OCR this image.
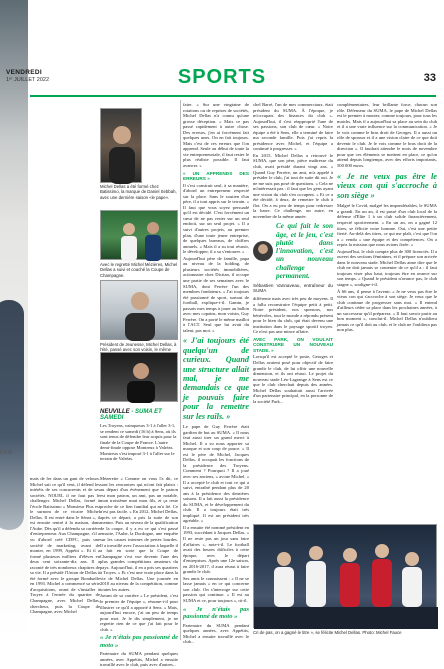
Emb
VENDREDI
1ᵉʳ JUILLET 2022	SPORTS	33
Michel Dellas a été formé chez Batissimo, la marque de Daniel Sebbah, avec une dernière saison «le pape».
Avec le regretté Michel Mézières, Michel Dellas a suivi et coaché la Coupe de Champagne.
Président de Jeunesse, Michel Dellas, à l'été, passé avec son voisin, le même
NEUVILLE - SUMA ET SAMEDI
Les Troyens, vainqueurs 3-1 à l'aller 3-1, se rendent ce samedi (16 h) à Sens, où ils sont tenus de défendre leur acquis pour la finale de la Coupe de France. L'autre demi-finale oppose Montreux à Valréas. Montreux s'est imposé 3-1 à l'aller sur le terrain de Valréas.

mais de fer dans un gant de velours. Michel sait ce qu'il veut, il défend les intérêts de ses concurrents et de ses sociétés. NOUEL il ne faut pas le challenger. Michel Dellas, formé à l'école Batissimo « Monsieur Plus est le surnom de ce vicaire Michel Dellas. Il est entré dans le Sénat », il est ensuite rentré à la maison, dans l'Aube. Dès qu'il a défendu sa carrière d'entrepreneur. Aux Champagne, s'il a vu d'abord créé CDFC, puis une société de marketing, avant de monter, en 1999, Appétit ». Et il a formé plusieurs milliers d'élèves en deux cent soixante-dix ans. Il a raconté de très nombreux chapitres de sa vie. Il a présidé l'Union de Dellas à été formé avec le groupe Bonduelle en 1993. Michel a commencé sa série d'acquisitions, avant de s'installer à Troyes à l'entrée du quartier de Champagne, avec Michel Dellas, chercheur, puis la Coupe de Champagne, avec Michel

Mézerette « Comme on vous l'a dit, ce sont les rencontres qui m'ont fait plaisir : au départ d'un événement que le patron est mon patron, un ami, pas un notable, mon troisième mari mon fils, et ça reste proche de ce lien familial qui m'a lié. Ce n'est pas facile. » En 2012, Michel Dellas, après ce départ, a pris la suite de son mentor. Puis au niveau de la qualification de la coupe, il y a eu ce qui s'est passé ensuite, l'Aube, la Dordogne, une enquête sur les causes internes de pertes lourdes. Il a travaillé avec l'association à laquelle il a fait en sorte que la Coupe de Champagne s'est vue devenir l'une des plus grandes compétitions amateurs du pays. Aujourd'hui, il en a pris ses quartiers à Troyes. » Et c'est une vraie place dans la vie de Michel Dellas. Une journée en 2010 au niveau de la compétition, comme toutes les autres.

Javant de sa carrière « Le président, c'est le premier de l'équipe », résume-t-il pour illustrer ce qu'il a apporté à Sens. « Mais, aujourd'hui encore, j'ai un peu de temps pour moi. Je le dis simplement, je ne regrette rien de ce que j'ai fait pour le club. »

« Je n'étais pas passionné de moto »

Partenaire du SUMA pendant quelques années, avec Appétits, Michel a ensuite travaillé avec le club, puis avec d'autres...

faire. » Sur une vingtaine de rotations ou de reprises de sociétés, Michel Dellas n'a connu qu'une grosse déception. « Mais ce pas passé rapidement à autre chose. Des erreurs, j'en ai forcément fait quelques unes. On en fait toujours. Mais c'est de ces erreurs que l'on apprend. Seule au début de toute la vie entrepreneuriale, il faut rester le plus réaliste possible. Il faut avancer. »

« UN APPRENDS DES ERREURS »

Il s'est construit seul, à sa manière, d'abord un entrepreneur respecté sur la place. Sans le soutien d'un père, il a tout appris sur le terrain. « Il faut que vous soyez persuadé qu'il est décidé. C'est forcément un cœur de ne pas rester sur un seul endroit, sur un seul projet. » Il a suivi d'autres projets, au premier plan, d'une toute jeune entreprise, de quelques bureaux, de chiffres annuels. « Mais il a su tout réussir, le développer, il a su s'entourer. »

Aujourd'hui père de famille, papa au niveau de la holding, de plusieurs sociétés immobilières, actionnaire chez Dicitan, il occupe une partie de ses semaines avec le SUMA, dont Ferrère l'un des membres fondateurs. « J'ai toujours été passionné de sport, surtout de football, explique-t-il. Gamin, je passais mes temps à jouer au ballon avec mes copains, mon voisin, Guy Ferrère. On a porté le même maillot à l'ACT. Seul que lui avait du talent, pas moi. »

« J'ai toujours été quelqu'un de curieux. Quand une structure allait mal, je me demandais ce que je pouvais faire pour la remettre sur les rails. »

Le pape de Guy Ferrère était gardien de but au SUMA. « Il nous faut aussi tirer un grand merci à Michel. Il a su nous apporter sa marque et son coup de pouce. » Il est le père de Michel, Jacques Dellas, il occupait les fonctions de la présidence des Troyens. Comment ? Pourquoi ? Il a joué avec ses anciens, » avoue Michel. « Il a accepté le club et tout ce qui a suivi, entraîné pendant plus de 20 ans à la présidence des dernières saisons. Il a fait aussi la présidence du SUMA, et le développement du club. Il a toujours était très impliqué. Il est un président très agréable. »

Il a ensuite été nommé président en 1993, succédant à Jacques Dellas. « Il ne reste pas un jour sans faire d'affaires », note-t-il. Le football avait des heures difficiles à cette époque, avec le départ d'entreprises. Après une 12e saison, en 2016-2017, il aura réussi à faire grandir le club.

Ses amis le connaissent : « Il ne se lasse jamais » en ce qui concerne son club. On s'interroge sur cette passion qui continue. « Il est au SUMA et ce, pour toujours », rit-il.

« Je n'étais pas passionné de moto »

Partenaire du SUMA pendant quelques années, avec Appétits, Michel a ensuite travaillé avec le club...

chel Barré, l'un de mes commerciaux, était président du SUMA. À l'époque, je m'occupais des finances du club ». Aujourd'hui, il s'est réapproprié l'une de ses passions, son club de cœur. « Notre équipe a été à Sens, elle a terminé de faire ma seconde famille. Puis j'ai repris la présidence avec Michel, et l'équipe a continué à progresser. »

En 2015, Michel Dellas a retrouvé le SUMA, que son père, pièce maîtresse du club, avait présidé durant vingt ans. « Quand Guy Ferrère, un ami, m'a appelé à présider le club, j'ai tout de suite dit oui. Je ne me suis pas posé de questions. » Cela ne m'intéressait pas : il faut que les gens ayant une vision du club s'en occupent. » Et ce a été décidé, à deux, de remettre le club à flot. On a eu peu de temps pour redresser la barre. Ce challenge, un autre, en novembre de la même année.

Ce qui fait le son âge, et le jeu, c'est plutôt dans l'innovation, c'est un nouveau challenge permanent.
Sébastien Vannaveau, entraîneur du SUMA

différente mais avec très peu de moyens. Il a fallu reconstruire l'équipe petit à petit. Notre président, nos sponsors, nos bénévoles, tout le monde a répondu présent pour le bien du club, qui était devenu une institution dans le paysage sportif troyen. Ce n'est pas une mince affaire.

AVEC PARK, ON VOULAIT CONSTRUIRE UN NOUVEAU STADE. »

Lorsqu'il est accepté le poste, Georges et Dellas avaient posé pour objectif de faire grandir le club, de lui offrir une nouvelle dimension, et ils ont réussi. Le projet du nouveau stade Léo-Lagrange à Sens est ce que le club cherchait depuis des années. Michel Dellas souhaitait aussi l'arrivée d'un partenaire principal, en la personne de la société Park...

complémentaires, leur brillante force, chacun son rôle. Défenseur du SUMA, le pape de Michel Dellas est le premier à monter, comme toujours, pour tous les matchs. Mais il a aujourd'hui sa place au sein du club et il a une vraie influence sur la communication. « Je le vois comme le bras droit de Georges. Il a aussi un rôle de sponsor et il a une vision claire de ce que doit devenir le club. Je le vois comme le bras droit de la direction ». Il faudrait attendre le mois de novembre pour que ces éléments se mettent en place, ce qu'on attend depuis longtemps, avec des efforts importants, 500 000 euros.

« Je ne veux pas être le vieux con qui s'accroche à son siège »

Malgré le Covid, malgré les impondérables, le SUMA a grandi. En un an, il est passé d'un club local de la défense d'Elite 1 à un club solide financièrement, respecté sportivement. « En un an, on a gagné 12 titres, se félicite votre homme. Oui, c'est une petite fierté. Au-delà des titres, ce qui me plaît, c'est que l'on a « vendu » une équipe et des compétences. On a repris la mission que nous avions fixée. »

Aujourd'hui, le club compte plus de 300 licenciés. Il a ouvert des sections féminines, et il prépare son arrivée dans le nouveau stade. Michel Dellas aime dire que le club ne doit jamais se contenter de ce qu'il a : il faut toujours viser plus haut, toujours être en avance sur son temps. « Quand le président n'avance pas, le club stagne », souligne-t-il.

À 66 ans, il pense à l'avenir. « Je ne veux pas être le vieux con qui s'accroche à son siège. Je veux que le club continue de progresser sans moi. » Il entend d'ailleurs céder sa place dans les prochaines années, à un successeur qu'il préparera. « Il faut savoir partir au bon moment », conclut-il. Michel Dellas n'oubliera jamais ce qu'il doit au club, et le club ne l'oubliera pas non plus.

Cri de pas, on a gagné le titre », se félicite Michel Dellas. Photo: Michel Fauce
